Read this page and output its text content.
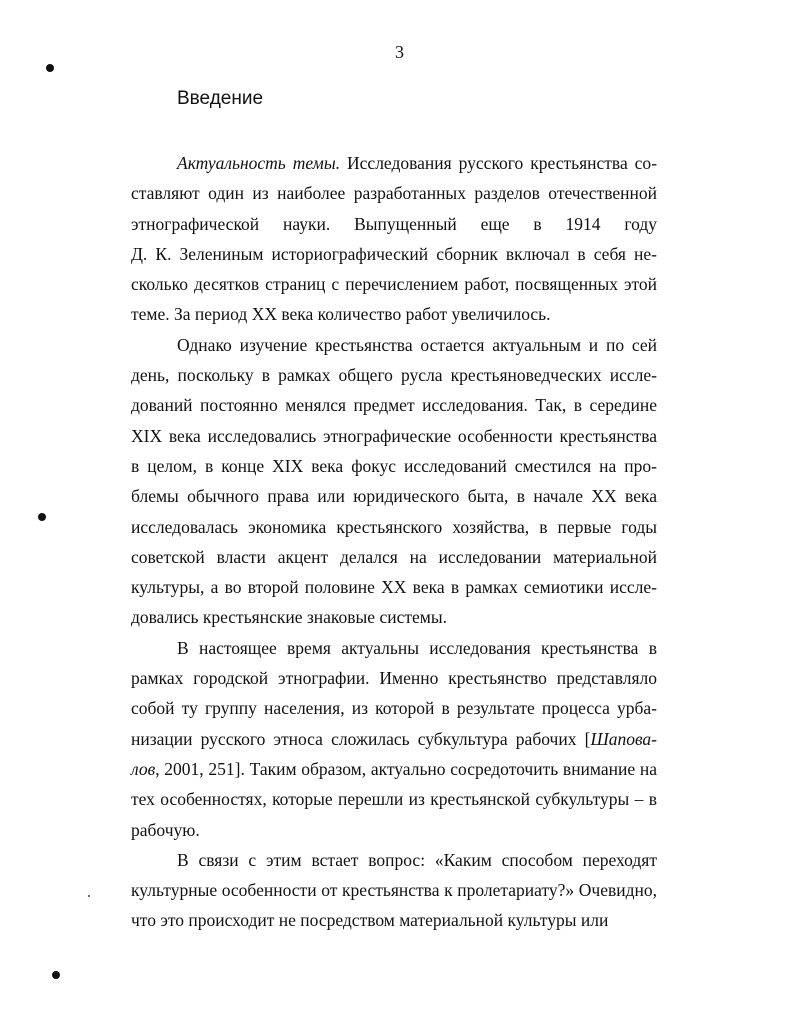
3
Введение

Актуальность темы. Исследования русского крестьянства составляют один из наиболее разработанных разделов отечественной этнографической науки. Выпущенный еще в 1914 году Д. К. Зелениным историографический сборник включал в себя несколько десятков страниц с перечислением работ, посвященных этой теме. За период XX века количество работ увеличилось.

Однако изучение крестьянства остается актуальным и по сей день, поскольку в рамках общего русла крестьяноведческих исследований постоянно менялся предмет исследования. Так, в середине XIX века исследовались этнографические особенности крестьянства в целом, в конце XIX века фокус исследований сместился на проблемы обычного права или юридического быта, в начале XX века исследовалась экономика крестьянского хозяйства, в первые годы советской власти акцент делался на исследовании материальной культуры, а во второй половине XX века в рамках семиотики исследовались крестьянские знаковые системы.

В настоящее время актуальны исследования крестьянства в рамках городской этнографии. Именно крестьянство представляло собой ту группу населения, из которой в результате процесса урбанизации русского этноса сложилась субкультура рабочих [Шаповалов, 2001, 251]. Таким образом, актуально сосредоточить внимание на тех особенностях, которые перешли из крестьянской субкультуры – в рабочую.

В связи с этим встает вопрос: «Каким способом переходят культурные особенности от крестьянства к пролетариату?» Очевидно, что это происходит не посредством материальной культуры или
